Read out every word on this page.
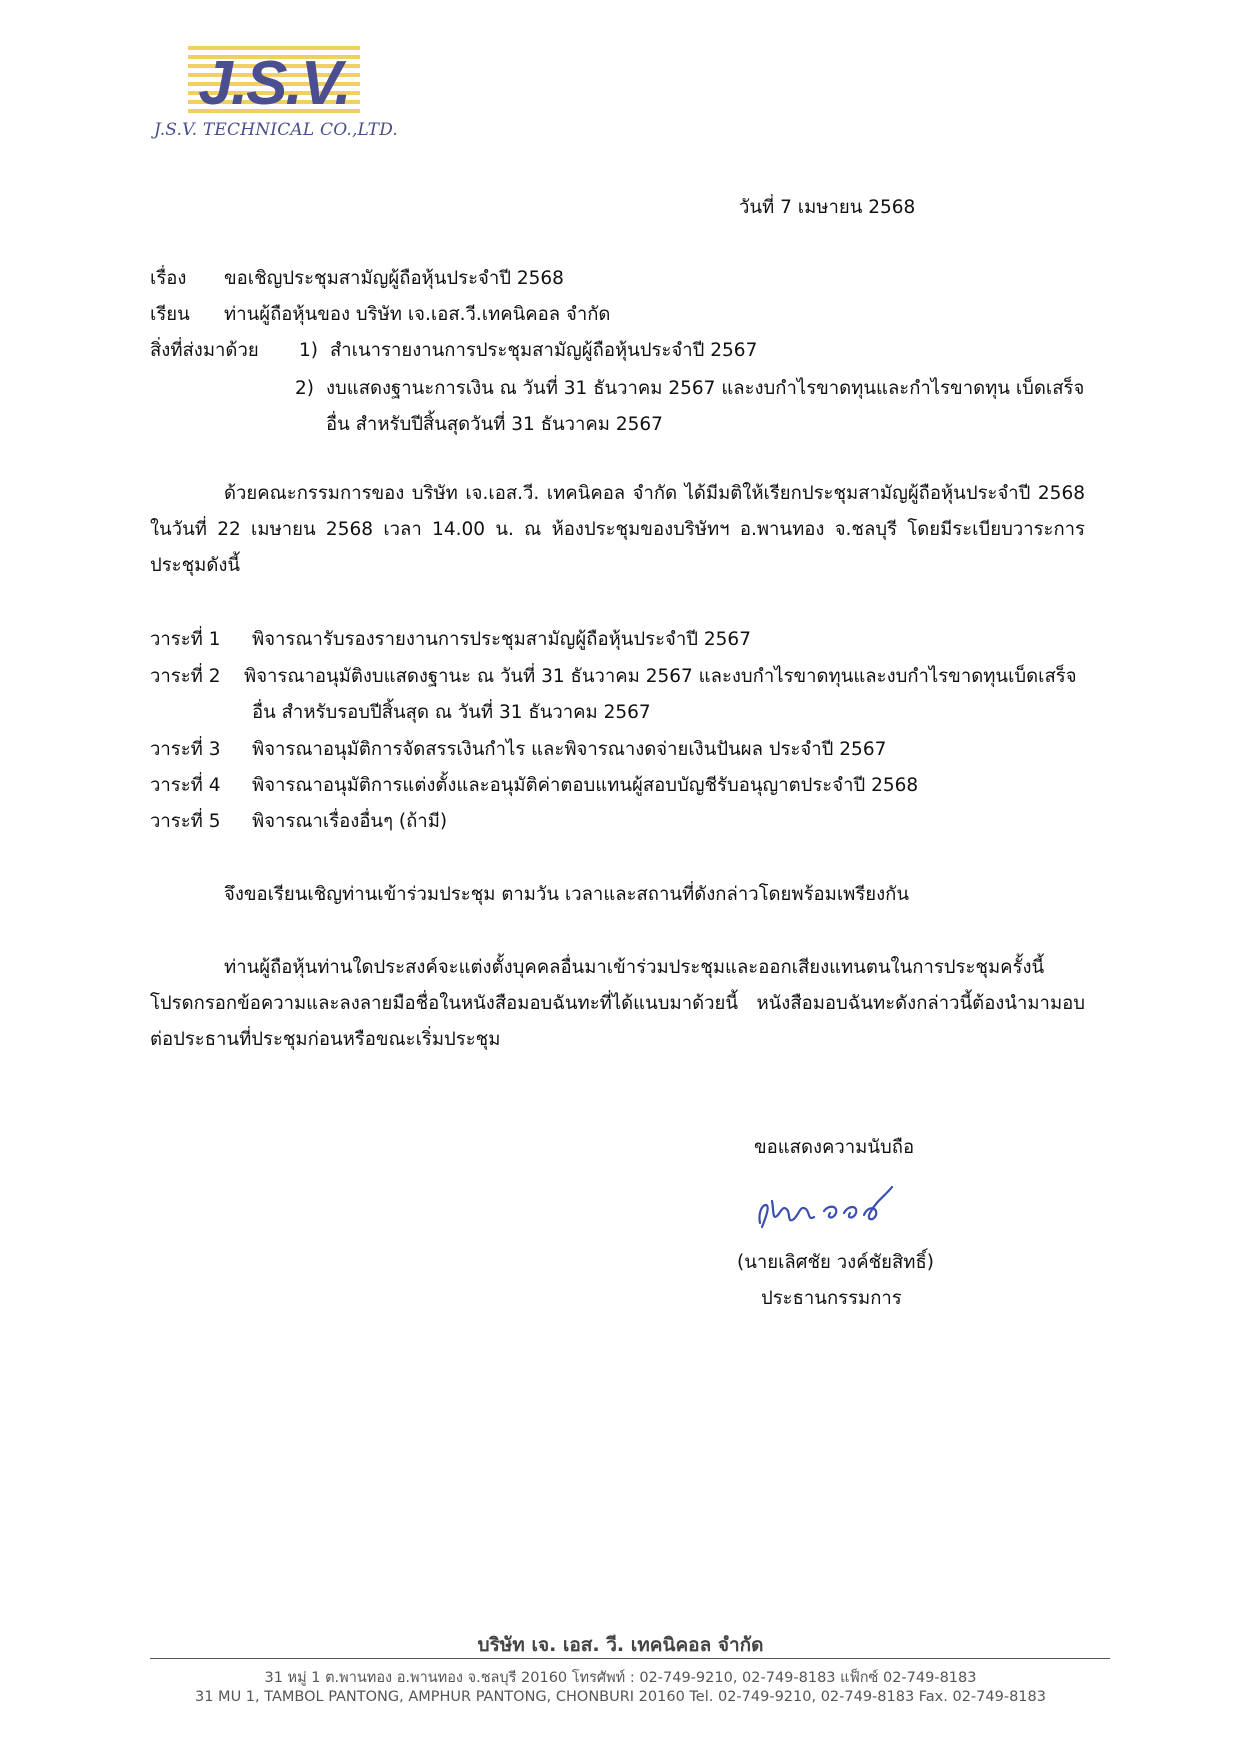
J.S.V.
J.S.V. TECHNICAL CO.,LTD.
วันที่ 7 เมษายน 2568
เรื่อง ขอเชิญประชุมสามัญผู้ถือหุ้นประจำปี 2568
เรียน ท่านผู้ถือหุ้นของ บริษัท เจ.เอส.วี.เทคนิคอล จำกัด
สิ่งที่ส่งมาด้วย 1) สำเนารายงานการประชุมสามัญผู้ถือหุ้นประจำปี 2567
2) งบแสดงฐานะการเงิน ณ วันที่ 31 ธันวาคม 2567 และงบกำไรขาดทุนและกำไรขาดทุน เบ็ดเสร็จ
อื่น สำหรับปีสิ้นสุดวันที่ 31 ธันวาคม 2567
ด้วยคณะกรรมการของ บริษัท เจ.เอส.วี. เทคนิคอล จำกัด ได้มีมติให้เรียกประชุมสามัญผู้ถือหุ้นประจำปี 2568 ในวันที่ 22 เมษายน 2568 เวลา 14.00 น. ณ ห้องประชุมของบริษัทฯ อ.พานทอง จ.ชลบุรี โดยมีระเบียบวาระการประชุมดังนี้
วาระที่ 1 พิจารณารับรองรายงานการประชุมสามัญผู้ถือหุ้นประจำปี 2567
วาระที่ 2 พิจารณาอนุมัติงบแสดงฐานะ ณ วันที่ 31 ธันวาคม 2567 และงบกำไรขาดทุนและงบกำไรขาดทุนเบ็ดเสร็จ
อื่น สำหรับรอบปีสิ้นสุด ณ วันที่ 31 ธันวาคม 2567
วาระที่ 3 พิจารณาอนุมัติการจัดสรรเงินกำไร และพิจารณางดจ่ายเงินปันผล ประจำปี 2567
วาระที่ 4 พิจารณาอนุมัติการแต่งตั้งและอนุมัติค่าตอบแทนผู้สอบบัญชีรับอนุญาตประจำปี 2568
วาระที่ 5 พิจารณาเรื่องอื่นๆ (ถ้ามี)
จึงขอเรียนเชิญท่านเข้าร่วมประชุม ตามวัน เวลาและสถานที่ดังกล่าวโดยพร้อมเพรียงกัน
ท่านผู้ถือหุ้นท่านใดประสงค์จะแต่งตั้งบุคคลอื่นมาเข้าร่วมประชุมและออกเสียงแทนตนในการประชุมครั้งนี้ โปรดกรอกข้อความและลงลายมือชื่อในหนังสือมอบฉันทะที่ได้แนบมาด้วยนี้ หนังสือมอบฉันทะดังกล่าวนี้ต้องนำมามอบต่อประธานที่ประชุมก่อนหรือขณะเริ่มประชุม
ขอแสดงความนับถือ
(นายเลิศชัย วงค์ชัยสิทธิ์)
ประธานกรรมการ
บริษัท เจ. เอส. วี. เทคนิคอล จำกัด
31 หมู่ 1 ต.พานทอง อ.พานทอง จ.ชลบุรี 20160 โทรศัพท์ : 02-749-9210, 02-749-8183 แฟ็กซ์ 02-749-8183
31 MU 1, TAMBOL PANTONG, AMPHUR PANTONG, CHONBURI 20160 Tel. 02-749-9210, 02-749-8183 Fax. 02-749-8183
